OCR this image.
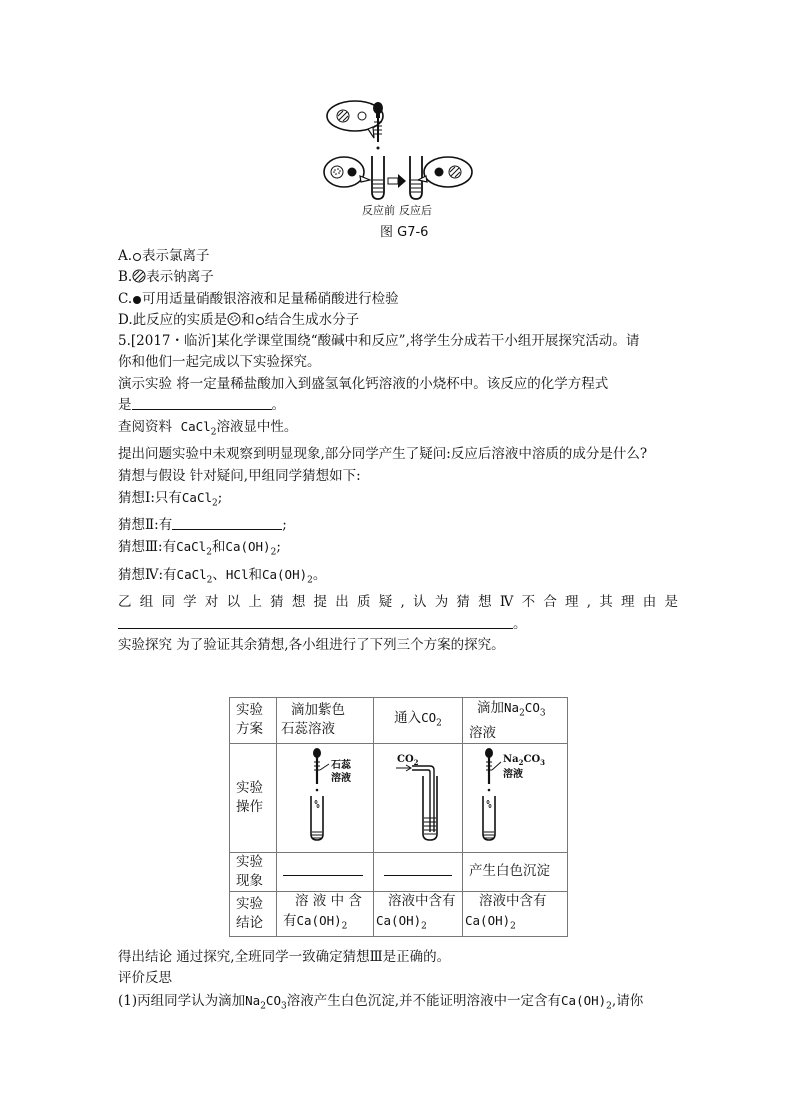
反应前 反应后
图 G7-6

A. 表示氯离子

B. 表示钠离子

C. 可用适量硝酸银溶液和足量稀硝酸进行检验

D.此反应的实质是 和 结合生成水分子

5.[2017・临沂]某化学课堂围绕“酸碱中和反应”,将学生分成若干小组开展探究活动。请

你和他们一起完成以下实验探究。

演示实验 将一定量稀盐酸加入到盛氢氧化钙溶液的小烧杯中。该反应的化学方程式

是	。

查阅资料 CaCl$_2$溶液显中性。

提出问题实验中未观察到明显现象,部分同学产生了疑问:反应后溶液中溶质的成分是什么?

猜想与假设 针对疑问,甲组同学猜想如下:

猜想Ⅰ:只有CaCl$_2$;

猜想Ⅱ:有	;

猜想Ⅲ:有CaCl$_2$和$Ca(OH)_2$;

猜想Ⅳ:有CaCl$_2$、HCl和$Ca(OH)_2$。

乙组同学对以上猜想提出质疑,认为猜想Ⅳ不合理,其理由是

。

实验探究 为了验证其余猜想,各小组进行了下列三个方案的探究。

实验
方案	滴加紫色
石蕊溶液	通入$CO_2$	滴加$Na_2CO_3$
溶液
实验
操作	石蕊
溶液	$CO_2$	$Na_2CO_3$
溶液

实验
现象			产生白色沉淀
实验
结论	溶 液 中 含
有$Ca(OH)_2$	溶液中含有
$Ca(OH)_2$	溶液中含有
$Ca(OH)_2$

得出结论 通过探究,全班同学一致确定猜想Ⅲ是正确的。

评价反思

(1)丙组同学认为滴加$Na_2CO_3$溶液产生白色沉淀,并不能证明溶液中一定含有$Ca(OH)_2$,请你
